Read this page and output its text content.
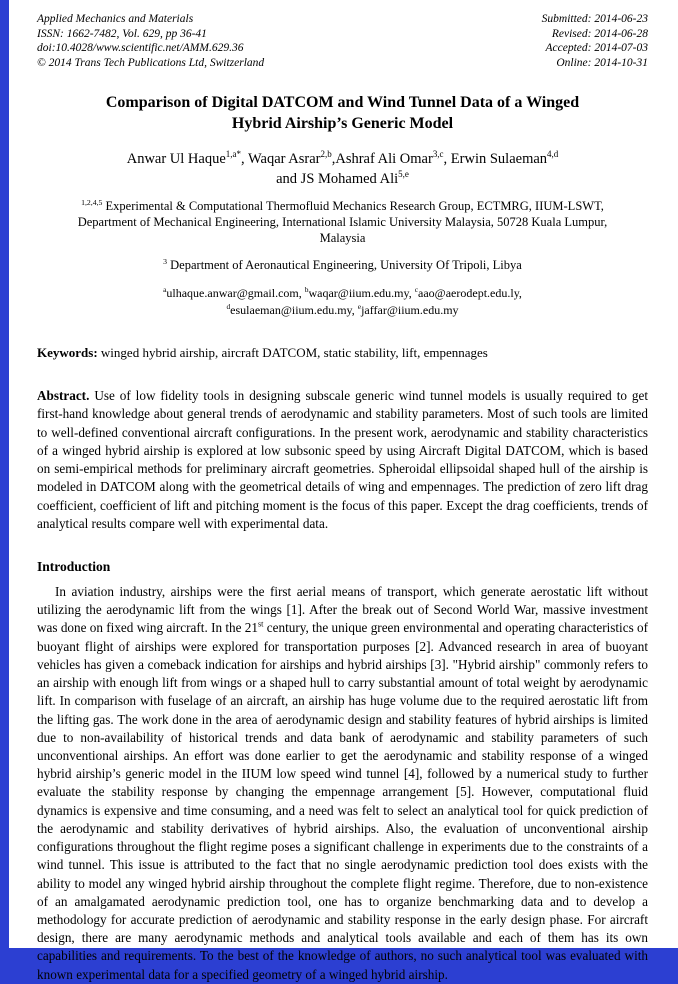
Applied Mechanics and Materials
ISSN: 1662-7482, Vol. 629, pp 36-41
doi:10.4028/www.scientific.net/AMM.629.36
© 2014 Trans Tech Publications Ltd, Switzerland
Submitted: 2014-06-23
Revised: 2014-06-28
Accepted: 2014-07-03
Online: 2014-10-31
Comparison of Digital DATCOM and Wind Tunnel Data of a Winged
Hybrid Airship’s Generic Model
Anwar Ul Haque$^{1,a*}$, Waqar Asrar$^{2,b}$,Ashraf Ali Omar$^{3,c}$, Erwin Sulaeman$^{4,d}$
and JS Mohamed Ali$^{5,e}$
$^{1,2,4,5}$ Experimental & Computational Thermofluid Mechanics Research Group, ECTMRG, IIUM-LSWT, Department of Mechanical Engineering, International Islamic University Malaysia, 50728 Kuala Lumpur, Malaysia
$^3$ Department of Aeronautical Engineering, University Of Tripoli, Libya
$^a$ulhaque.anwar@gmail.com, $^b$waqar@iium.edu.my, $^c$aao@aerodept.edu.ly,
$^d$esulaeman@iium.edu.my, $^e$jaffar@iium.edu.my
Keywords: winged hybrid airship, aircraft DATCOM, static stability, lift, empennages
Abstract. Use of low fidelity tools in designing subscale generic wind tunnel models is usually required to get first-hand knowledge about general trends of aerodynamic and stability parameters. Most of such tools are limited to well-defined conventional aircraft configurations. In the present work, aerodynamic and stability characteristics of a winged hybrid airship is explored at low subsonic speed by using Aircraft Digital DATCOM, which is based on semi-empirical methods for preliminary aircraft geometries. Spheroidal ellipsoidal shaped hull of the airship is modeled in DATCOM along with the geometrical details of wing and empennages. The prediction of zero lift drag coefficient, coefficient of lift and pitching moment is the focus of this paper. Except the drag coefficients, trends of analytical results compare well with experimental data.
Introduction
In aviation industry, airships were the first aerial means of transport, which generate aerostatic lift without utilizing the aerodynamic lift from the wings [1]. After the break out of Second World War, massive investment was done on fixed wing aircraft. In the 21st century, the unique green environmental and operating characteristics of buoyant flight of airships were explored for transportation purposes [2]. Advanced research in area of buoyant vehicles has given a comeback indication for airships and hybrid airships [3]. "Hybrid airship" commonly refers to an airship with enough lift from wings or a shaped hull to carry substantial amount of total weight by aerodynamic lift. In comparison with fuselage of an aircraft, an airship has huge volume due to the required aerostatic lift from the lifting gas. The work done in the area of aerodynamic design and stability features of hybrid airships is limited due to non-availability of historical trends and data bank of aerodynamic and stability parameters of such unconventional airships. An effort was done earlier to get the aerodynamic and stability response of a winged hybrid airship’s generic model in the IIUM low speed wind tunnel [4], followed by a numerical study to further evaluate the stability response by changing the empennage arrangement [5]. However, computational fluid dynamics is expensive and time consuming, and a need was felt to select an analytical tool for quick prediction of the aerodynamic and stability derivatives of hybrid airships. Also, the evaluation of unconventional airship configurations throughout the flight regime poses a significant challenge in experiments due to the constraints of a wind tunnel. This issue is attributed to the fact that no single aerodynamic prediction tool does exists with the ability to model any winged hybrid airship throughout the complete flight regime. Therefore, due to non-existence of an amalgamated aerodynamic prediction tool, one has to organize benchmarking data and to develop a methodology for accurate prediction of aerodynamic and stability response in the early design phase. For aircraft design, there are many aerodynamic methods and analytical tools available and each of them has its own capabilities and requirements. To the best of the knowledge of authors, no such analytical tool was evaluated with known experimental data for a specified geometry of a winged hybrid airship.
